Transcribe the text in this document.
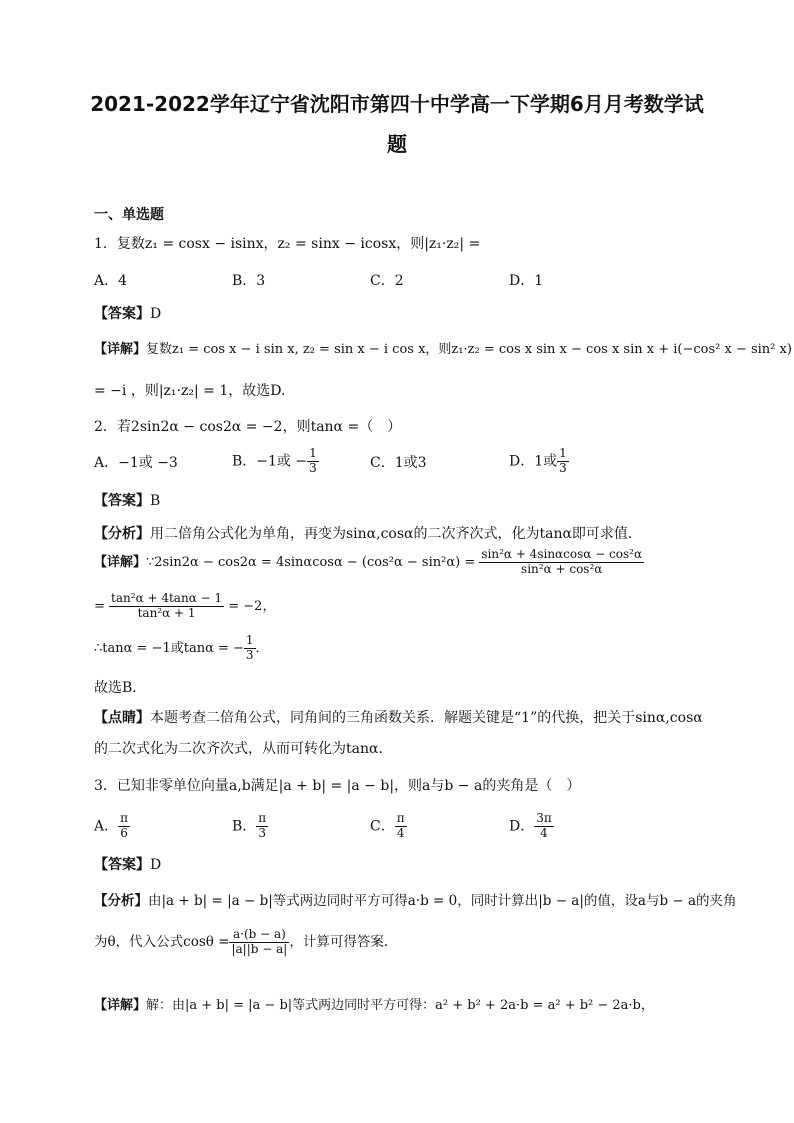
2021-2022学年辽宁省沈阳市第四十中学高一下学期6月月考数学试
题
一、单选题
1．复数z₁ = cosx − isinx，z₂ = sinx − icosx，则|z₁·z₂| =
A．4	B．3	C．2	D．1
【答案】D
【详解】复数z₁ = cos x − i sin x, z₂ = sin x − i cos x，则z₁·z₂ = cos x sin x − cos x sin x + i(−cos² x − sin² x)
= −i ，则|z₁·z₂| = 1，故选D.
2．若2sin2α − cos2α = −2，则tanα =（　）
A．−1或 −3	B．−1或 − $\frac{1}{3}$	C．1或3	D．1或 $\frac{1}{3}$
【答案】B
【分析】用二倍角公式化为单角，再变为sinα,cosα的二次齐次式，化为tanα即可求值．
【详解】∵2sin2α − $\cos 2\alpha = 4\sin\alpha\cos\alpha - (\cos^2\alpha - \sin^2\alpha) = \frac{\text{sin²α + 4sinαcosα − cos²α}}{\text{sin²α + cos²α}}$
= $\frac{\text{tan²α + 4tanα − 1}}{\text{tan²α + 1}} = -2$，
∴tanα = −1或tanα = − $\frac{1}{3}$ ．
故选B．
【点睛】本题考查二倍角公式，同角间的三角函数关系．解题关键是“1”的代换，把关于sinα,cosα
的二次式化为二次齐次式，从而可转化为tanα．
3．已知非零单位向量a,b满足|a + b| = |a − b|，则a与b − a的夹角是（　）
A． $\frac{\pi}{6}$	B． $\frac{\pi}{3}$	C． $\frac{\pi}{4}$	D． $\frac{3\pi}{4}$
【答案】D
【分析】由|a + b| = |a − b|等式两边同时平方可得a·b = 0，同时计算出|b − a|的值，设a与b − a的夹角
为θ，代入公式$\cos\theta = \frac{a\cdot(b - a)}{|a||b - a|}$ ，计算可得答案.
【详解】解：由|a + b| = |a − b|等式两边同时平方可得：a² + b² + 2a·b = a² + b² − 2a·b，
